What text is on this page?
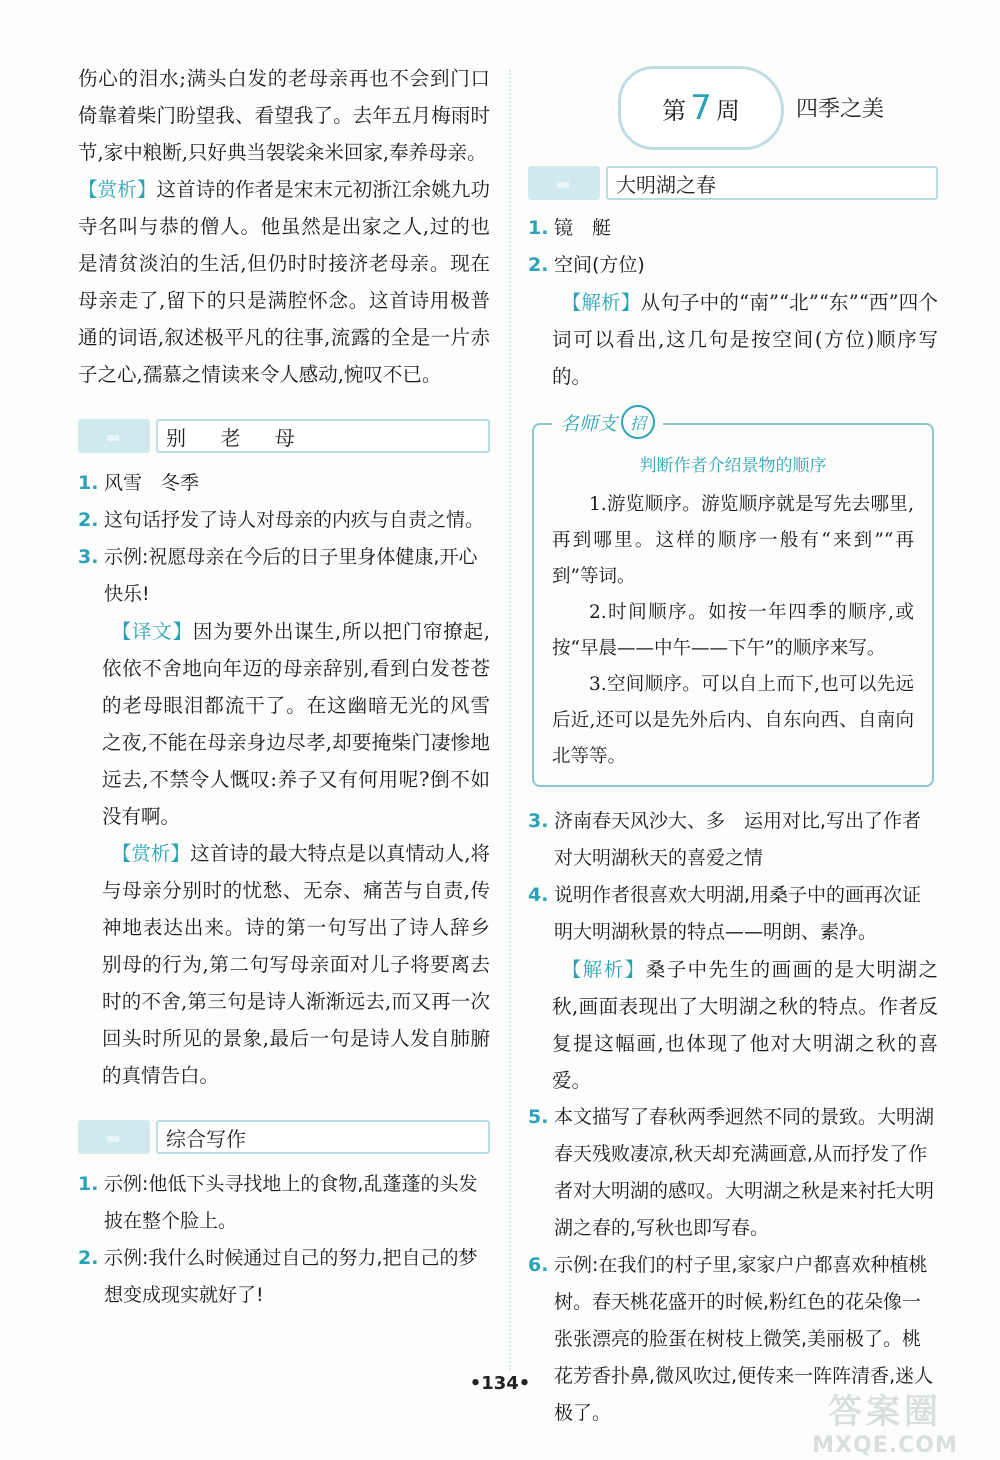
伤心的泪水;满头白发的老母亲再也不会到门口倚靠着柴门盼望我、看望我了。去年五月梅雨时节,家中粮断,只好典当袈裟籴米回家,奉养母亲。

【赏析】这首诗的作者是宋末元初浙江余姚九功寺名叫与恭的僧人。他虽然是出家之人,过的也是清贫淡泊的生活,但仍时时接济老母亲。现在母亲走了,留下的只是满腔怀念。这首诗用极普通的词语,叙述极平凡的往事,流露的全是一片赤子之心,孺慕之情读来令人感动,惋叹不已。

▬	别 老 母
1. 风雪　冬季
2. 这句话抒发了诗人对母亲的内疚与自责之情。
3. 示例:祝愿母亲在今后的日子里身体健康,开心快乐!

【译文】因为要外出谋生,所以把门帘撩起,依依不舍地向年迈的母亲辞别,看到白发苍苍的老母眼泪都流干了。在这幽暗无光的风雪之夜,不能在母亲身边尽孝,却要掩柴门凄惨地远去,不禁令人慨叹:养子又有何用呢?倒不如没有啊。

【赏析】这首诗的最大特点是以真情动人,将与母亲分别时的忧愁、无奈、痛苦与自责,传神地表达出来。诗的第一句写出了诗人辞乡别母的行为,第二句写母亲面对儿子将要离去时的不舍,第三句是诗人渐渐远去,而又再一次回头时所见的景象,最后一句是诗人发自肺腑的真情告白。

▬	综合写作
1. 示例:他低下头寻找地上的食物,乱蓬蓬的头发披在整个脸上。
2. 示例:我什么时候通过自己的努力,把自己的梦想变成现实就好了!
第 7 周	四季之美
▬	大明湖之春
1. 镜　艇
2. 空间(方位)

【解析】从句子中的“南”“北”“东”“西”四个词可以看出,这几句是按空间(方位)顺序写的。

名师支 招
判断作者介绍景物的顺序

1.游览顺序。游览顺序就是写先去哪里,再到哪里。这样的顺序一般有“来到”“再到”等词。

2.时间顺序。如按一年四季的顺序,或按“早晨——中午——下午”的顺序来写。

3.空间顺序。可以自上而下,也可以先远后近,还可以是先外后内、自东向西、自南向北等等。

3. 济南春天风沙大、多　运用对比,写出了作者对大明湖秋天的喜爱之情
4. 说明作者很喜欢大明湖,用桑子中的画再次证明大明湖秋景的特点——明朗、素净。

【解析】桑子中先生的画画的是大明湖之秋,画面表现出了大明湖之秋的特点。作者反复提这幅画,也体现了他对大明湖之秋的喜爱。

5. 本文描写了春秋两季迥然不同的景致。大明湖春天残败凄凉,秋天却充满画意,从而抒发了作者对大明湖的感叹。大明湖之秋是来衬托大明湖之春的,写秋也即写春。
6. 示例:在我们的村子里,家家户户都喜欢种植桃树。春天桃花盛开的时候,粉红色的花朵像一张张漂亮的脸蛋在树枝上微笑,美丽极了。桃花芳香扑鼻,微风吹过,便传来一阵阵清香,迷人极了。
•134•
答案圈
MXQE.COM
